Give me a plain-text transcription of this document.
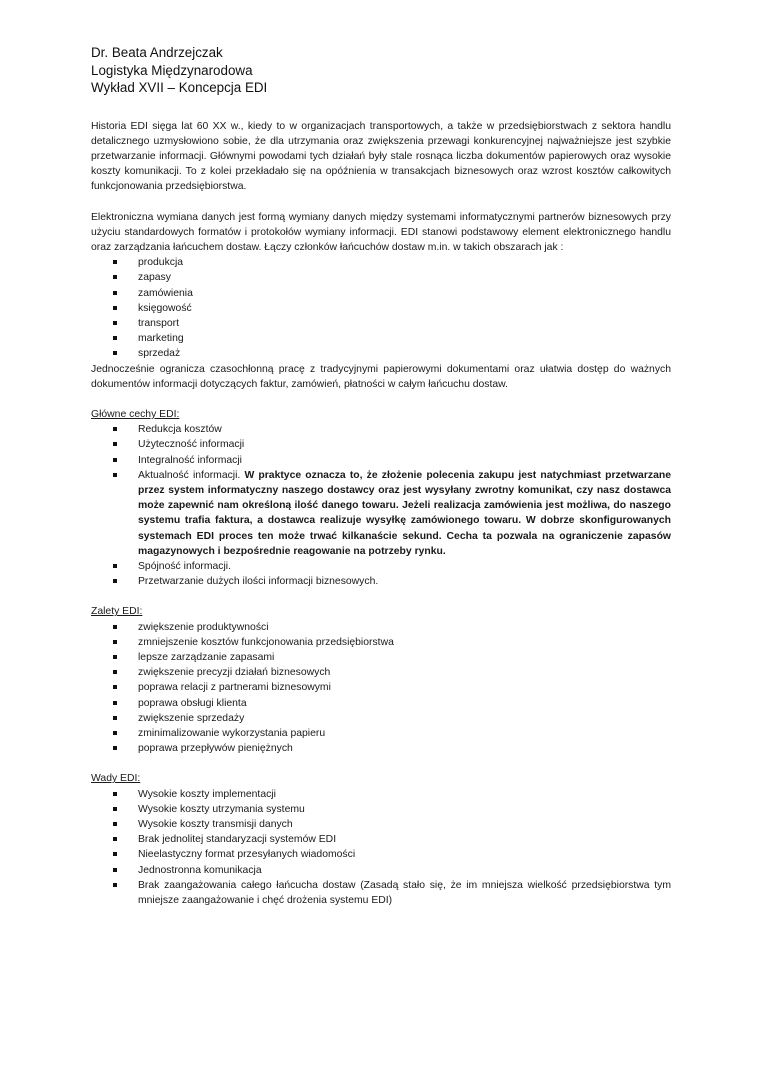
Dr. Beata Andrzejczak
Logistyka Międzynarodowa
Wykład XVII – Koncepcja EDI

Historia EDI sięga lat 60 XX w., kiedy to w organizacjach transportowych, a także w przedsiębiorstwach z sektora handlu detalicznego uzmysłowiono sobie, że dla utrzymania oraz zwiększenia przewagi konkurencyjnej najważniejsze jest szybkie przetwarzanie informacji. Głównymi powodami tych działań były stale rosnąca liczba dokumentów papierowych oraz wysokie koszty komunikacji. To z kolei przekładało się na opóźnienia w transakcjach biznesowych oraz wzrost kosztów całkowitych funkcjonowania przedsiębiorstwa.

Elektroniczna wymiana danych jest formą wymiany danych między systemami informatycznymi partnerów biznesowych przy użyciu standardowych formatów i protokołów wymiany informacji. EDI stanowi podstawowy element elektronicznego handlu oraz zarządzania łańcuchem dostaw. Łączy członków łańcuchów dostaw m.in. w takich obszarach jak :

produkcja
zapasy
zamówienia
księgowość
transport
marketing
sprzedaż

Jednocześnie ogranicza czasochłonną pracę z tradycyjnymi papierowymi dokumentami oraz ułatwia dostęp do ważnych dokumentów informacji dotyczących faktur, zamówień, płatności w całym łańcuchu dostaw.

Główne cechy EDI:
Redukcja kosztów
Użyteczność informacji
Integralność informacji
Aktualność informacji. W praktyce oznacza to, że złożenie polecenia zakupu jest natychmiast przetwarzane przez system informatyczny naszego dostawcy oraz jest wysyłany zwrotny komunikat, czy nasz dostawca może zapewnić nam określoną ilość danego towaru. Jeżeli realizacja zamówienia jest możliwa, do naszego systemu trafia faktura, a dostawca realizuje wysyłkę zamówionego towaru. W dobrze skonfigurowanych systemach EDI proces ten może trwać kilkanaście sekund. Cecha ta pozwala na ograniczenie zapasów magazynowych i bezpośrednie reagowanie na potrzeby rynku.
Spójność informacji.
Przetwarzanie dużych ilości informacji biznesowych.
Zalety EDI:
zwiększenie produktywności
zmniejszenie kosztów funkcjonowania przedsiębiorstwa
lepsze zarządzanie zapasami
zwiększenie precyzji działań biznesowych
poprawa relacji z partnerami biznesowymi
poprawa obsługi klienta
zwiększenie sprzedaży
zminimalizowanie wykorzystania papieru
poprawa przepływów pieniężnych
Wady EDI:
Wysokie koszty implementacji
Wysokie koszty utrzymania systemu
Wysokie koszty transmisji danych
Brak jednolitej standaryzacji systemów EDI
Nieelastyczny format przesyłanych wiadomości
Jednostronna komunikacja
Brak zaangażowania całego łańcucha dostaw (Zasadą stało się, że im mniejsza wielkość przedsiębiorstwa tym mniejsze zaangażowanie i chęć drożenia systemu EDI)
